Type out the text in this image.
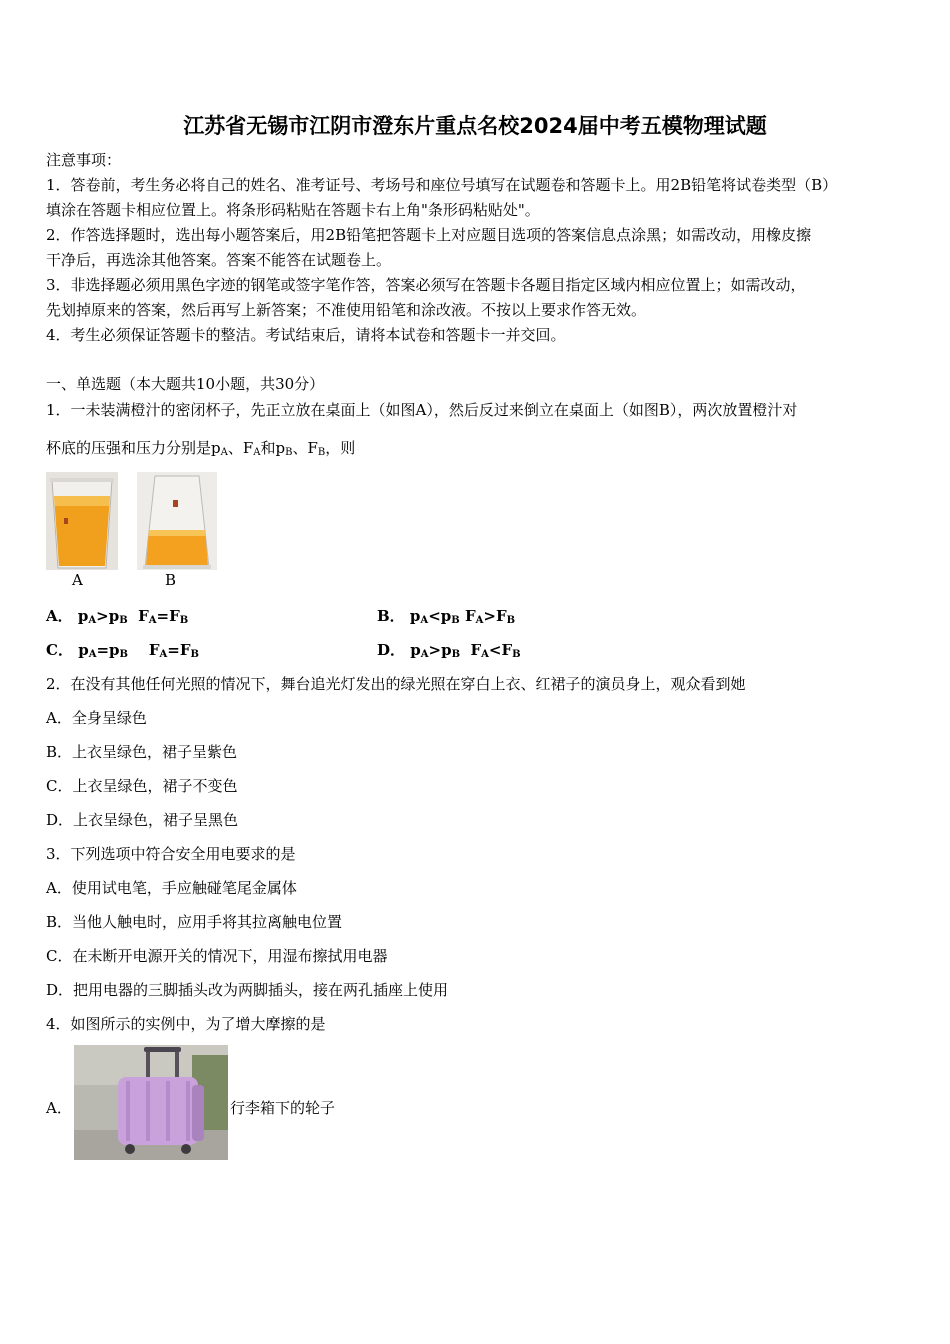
江苏省无锡市江阴市澄东片重点名校2024届中考五模物理试题
注意事项：
1．答卷前，考生务必将自己的姓名、准考证号、考场号和座位号填写在试题卷和答题卡上。用2B铅笔将试卷类型（B）
填涂在答题卡相应位置上。将条形码粘贴在答题卡右上角"条形码粘贴处"。
2．作答选择题时，选出每小题答案后，用2B铅笔把答题卡上对应题目选项的答案信息点涂黑；如需改动，用橡皮擦
干净后，再选涂其他答案。答案不能答在试题卷上。
3．非选择题必须用黑色字迹的钢笔或签字笔作答，答案必须写在答题卡各题目指定区域内相应位置上；如需改动，
先划掉原来的答案，然后再写上新答案；不准使用铅笔和涂改液。不按以上要求作答无效。
4．考生必须保证答题卡的整洁。考试结束后，请将本试卷和答题卡一并交回。
一、单选题（本大题共10小题，共30分）
1．一未装满橙汁的密闭杯子，先正立放在桌面上（如图A），然后反过来倒立在桌面上（如图B），两次放置橙汁对
杯底的压强和压力分别是$p_A$、$F_A$和$p_B$、$F_B$，则
A	B
A． $p_A>p_B$ $F_A=F_B$	B． $p_A<p_B$ $F_A>F_B$
C． $p_A=p_B$ $F_A=F_B$	D． $p_A>p_B$ $F_A<F_B$
2．在没有其他任何光照的情况下，舞台追光灯发出的绿光照在穿白上衣、红裙子的演员身上，观众看到她
A．全身呈绿色
B．上衣呈绿色，裙子呈紫色
C．上衣呈绿色，裙子不变色
D．上衣呈绿色，裙子呈黑色
3．下列选项中符合安全用电要求的是
A．使用试电笔，手应触碰笔尾金属体
B．当他人触电时，应用手将其拉离触电位置
C．在未断开电源开关的情况下，用湿布擦拭用电器
D．把用电器的三脚插头改为两脚插头，接在两孔插座上使用
4．如图所示的实例中，为了增大摩擦的是
A．	行李箱下的轮子
